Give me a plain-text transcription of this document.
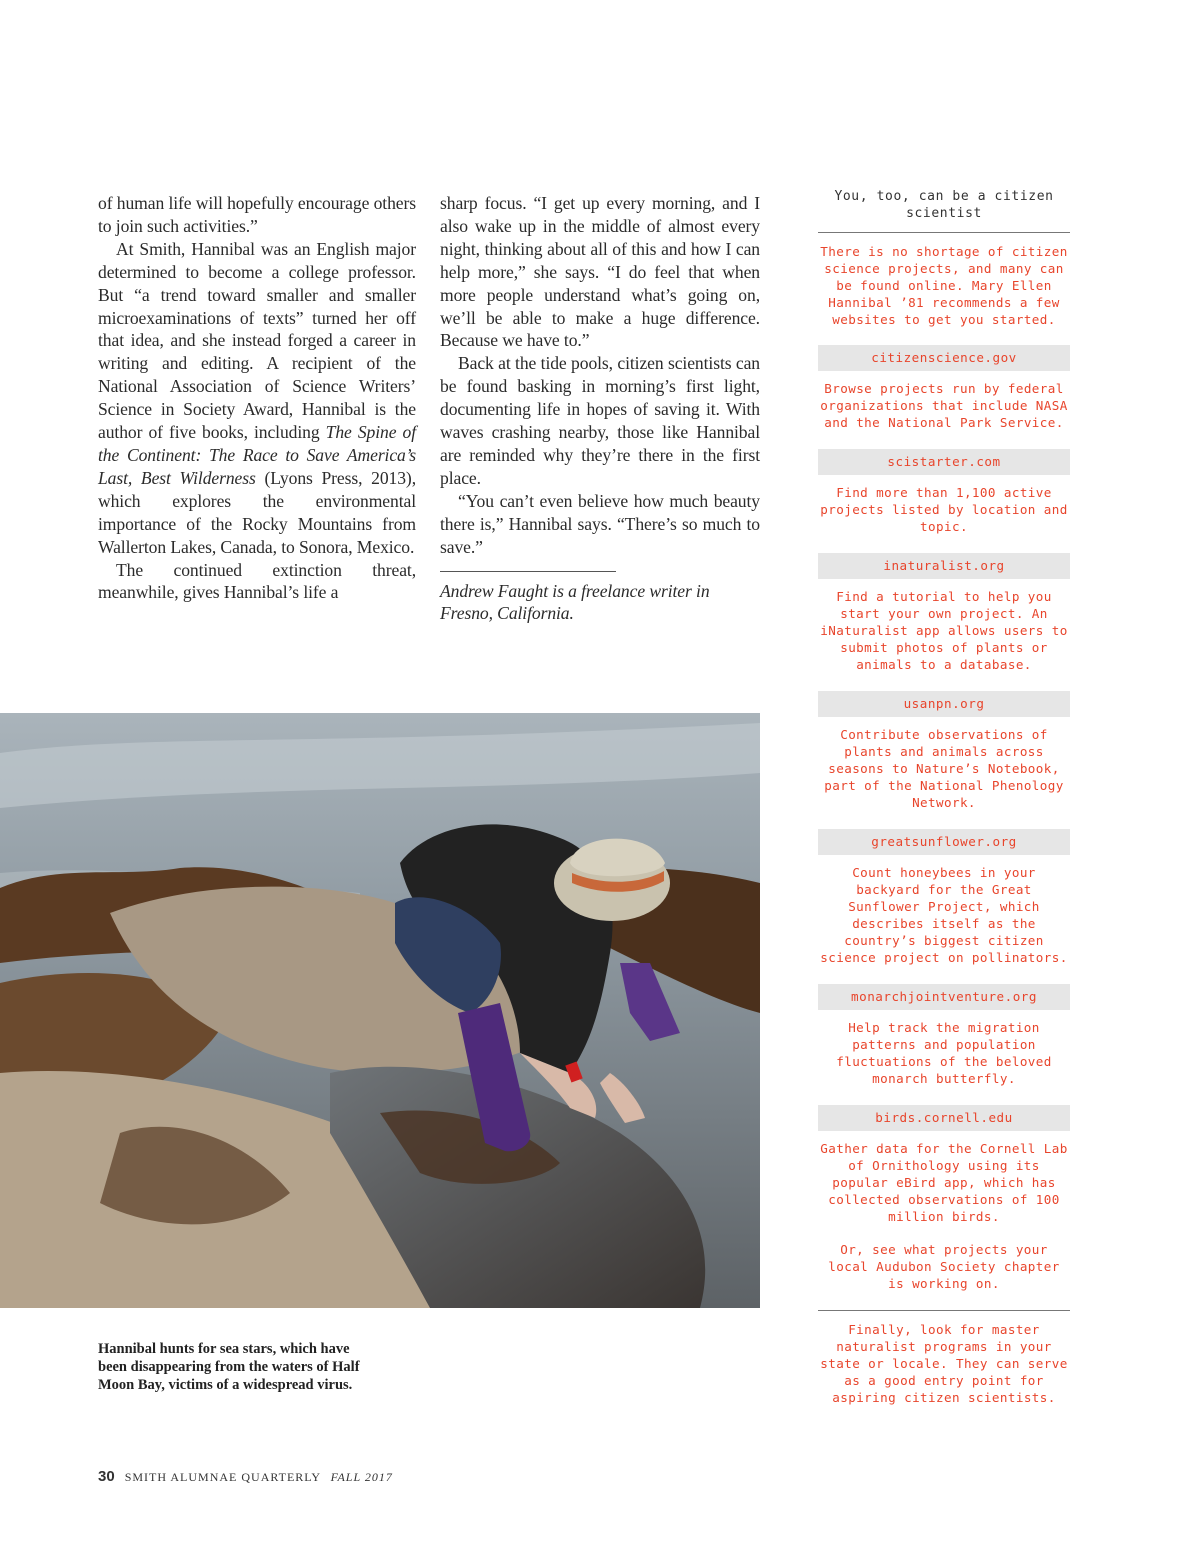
of human life will hopefully encourage others to join such activities.”

At Smith, Hannibal was an English major determined to become a college professor. But “a trend toward smaller and smaller microexaminations of texts” turned her off that idea, and she instead forged a career in writing and editing. A recipient of the National Association of Science Writers’ Science in Society Award, Hannibal is the author of five books, including The Spine of the Continent: The Race to Save America’s Last, Best Wilderness (Lyons Press, 2013), which explores the environmental importance of the Rocky Mountains from Wallerton Lakes, Canada, to Sonora, Mexico.

The continued extinction threat, meanwhile, gives Hannibal’s life a

sharp focus. “I get up every morning, and I also wake up in the middle of almost every night, thinking about all of this and how I can help more,” she says. “I do feel that when more people understand what’s going on, we’ll be able to make a huge difference. Because we have to.”

Back at the tide pools, citizen scientists can be found basking in morning’s first light, documenting life in hopes of saving it. With waves crashing nearby, those like Hannibal are reminded why they’re there in the first place.

“You can’t even believe how much beauty there is,” Hannibal says. “There’s so much to save.”

Andrew Faught is a freelance writer in Fresno, California.

Hannibal hunts for sea stars, which have been disappearing from the waters of Half Moon Bay, victims of a widespread virus.
30 SMITH ALUMNAE QUARTERLY FALL 2017
You, too, can be a citizen scientist

There is no shortage of citizen science projects, and many can be found online. Mary Ellen Hannibal ’81 recommends a few websites to get you started.

citizenscience.gov

Browse projects run by federal organizations that include NASA and the National Park Service.

scistarter.com

Find more than 1,100 active projects listed by location and topic.

inaturalist.org

Find a tutorial to help you start your own project. An iNaturalist app allows users to submit photos of plants or animals to a database.

usanpn.org

Contribute observations of plants and animals across seasons to Nature’s Notebook, part of the National Phenology Network.

greatsunflower.org

Count honeybees in your backyard for the Great Sunflower Project, which describes itself as the country’s biggest citizen science project on pollinators.

monarchjointventure.org

Help track the migration patterns and population fluctuations of the beloved monarch butterfly.

birds.cornell.edu

Gather data for the Cornell Lab of Ornithology using its popular eBird app, which has collected observations of 100 million birds.

Or, see what projects your local Audubon Society chapter is working on.

Finally, look for master naturalist programs in your state or locale. They can serve as a good entry point for aspiring citizen scientists.
